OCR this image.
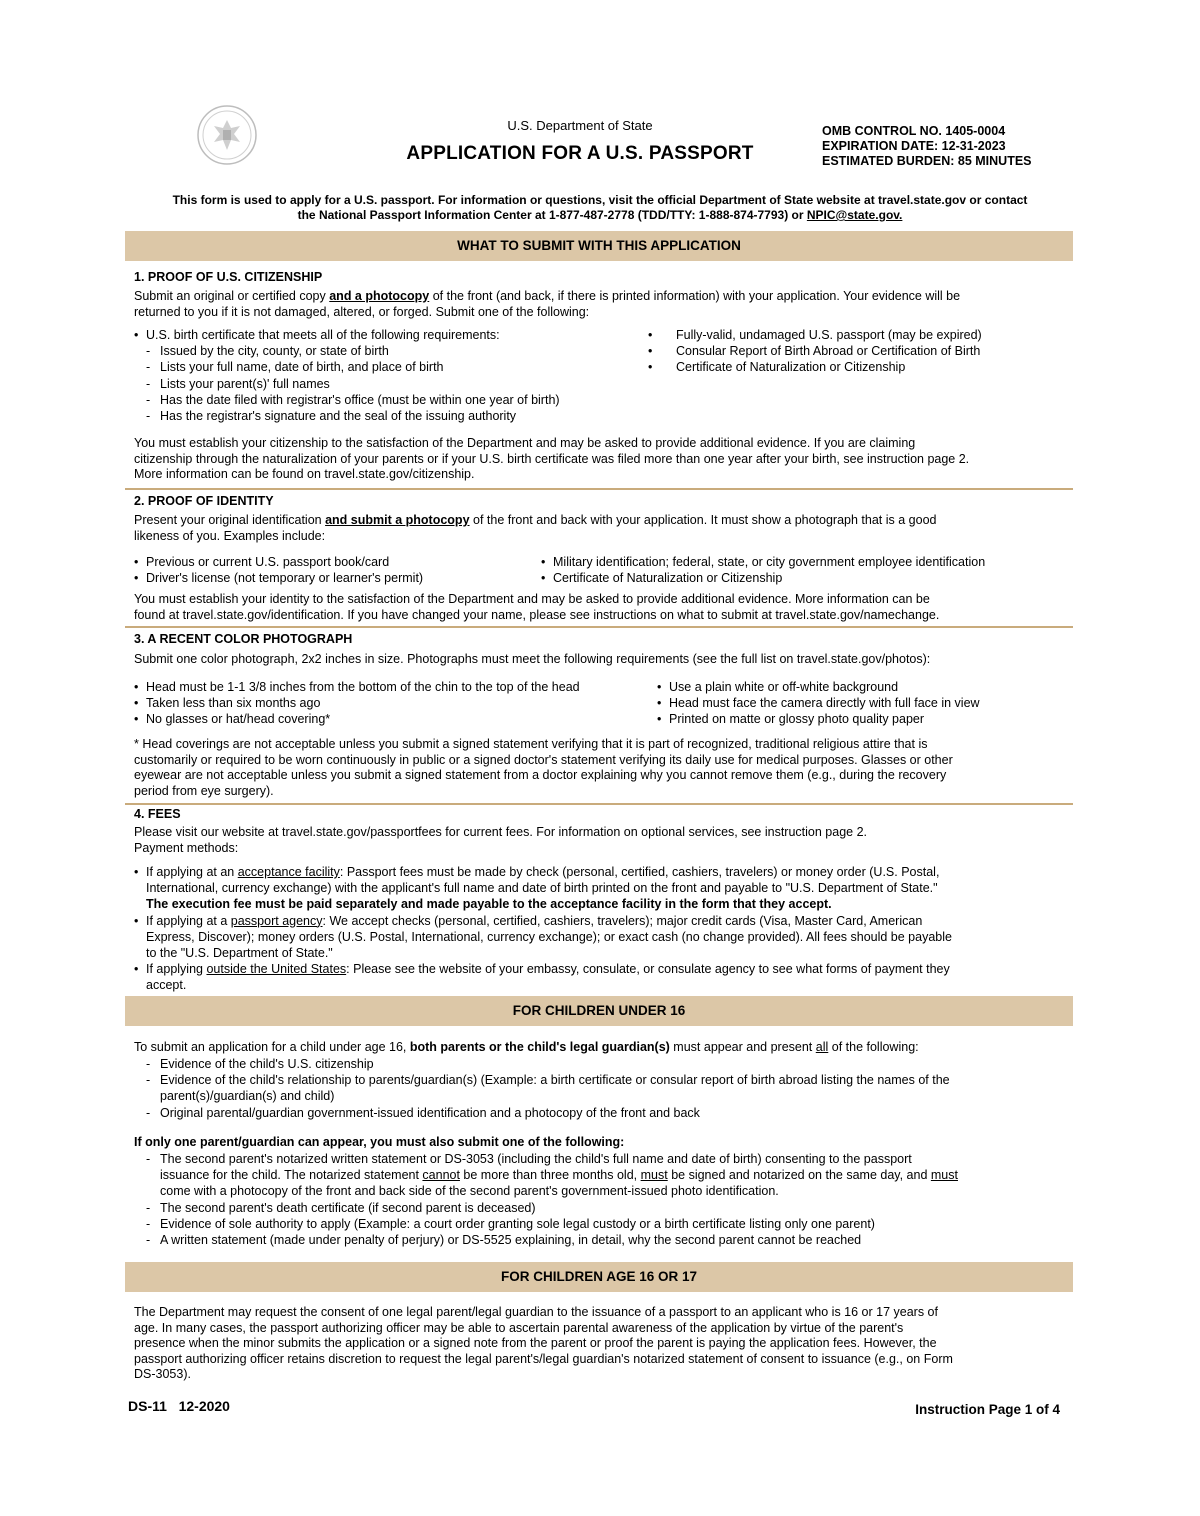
U.S. Department of State
APPLICATION FOR A U.S. PASSPORT
OMB CONTROL NO. 1405-0004
EXPIRATION DATE: 12-31-2023
ESTIMATED BURDEN: 85 MINUTES
This form is used to apply for a U.S. passport. For information or questions, visit the official Department of State website at travel.state.gov or contact
the National Passport Information Center at 1-877-487-2778 (TDD/TTY: 1-888-874-7793) or NPIC@state.gov.
WHAT TO SUBMIT WITH THIS APPLICATION
1. PROOF OF U.S. CITIZENSHIP
Submit an original or certified copy and a photocopy of the front (and back, if there is printed information) with your application. Your evidence will be
returned to you if it is not damaged, altered, or forged. Submit one of the following:
• U.S. birth certificate that meets all of the following requirements:
- Issued by the city, county, or state of birth
- Lists your full name, date of birth, and place of birth
- Lists your parent(s)' full names
- Has the date filed with registrar's office (must be within one year of birth)
- Has the registrar's signature and the seal of the issuing authority
• Fully-valid, undamaged U.S. passport (may be expired)
• Consular Report of Birth Abroad or Certification of Birth
• Certificate of Naturalization or Citizenship
You must establish your citizenship to the satisfaction of the Department and may be asked to provide additional evidence. If you are claiming
citizenship through the naturalization of your parents or if your U.S. birth certificate was filed more than one year after your birth, see instruction page 2.
More information can be found on travel.state.gov/citizenship.
2. PROOF OF IDENTITY
Present your original identification and submit a photocopy of the front and back with your application. It must show a photograph that is a good
likeness of you. Examples include:
• Previous or current U.S. passport book/card
• Driver's license (not temporary or learner's permit)
• Military identification; federal, state, or city government employee identification
• Certificate of Naturalization or Citizenship
You must establish your identity to the satisfaction of the Department and may be asked to provide additional evidence. More information can be
found at travel.state.gov/identification. If you have changed your name, please see instructions on what to submit at travel.state.gov/namechange.
3. A RECENT COLOR PHOTOGRAPH
Submit one color photograph, 2x2 inches in size. Photographs must meet the following requirements (see the full list on travel.state.gov/photos):
• Head must be 1-1 3/8 inches from the bottom of the chin to the top of the head
• Taken less than six months ago
• No glasses or hat/head covering*
• Use a plain white or off-white background
• Head must face the camera directly with full face in view
• Printed on matte or glossy photo quality paper
* Head coverings are not acceptable unless you submit a signed statement verifying that it is part of recognized, traditional religious attire that is
customarily or required to be worn continuously in public or a signed doctor's statement verifying its daily use for medical purposes. Glasses or other
eyewear are not acceptable unless you submit a signed statement from a doctor explaining why you cannot remove them (e.g., during the recovery
period from eye surgery).
4. FEES
Please visit our website at travel.state.gov/passportfees for current fees. For information on optional services, see instruction page 2.
Payment methods:
• If applying at an acceptance facility: Passport fees must be made by check (personal, certified, cashiers, travelers) or money order (U.S. Postal,
International, currency exchange) with the applicant's full name and date of birth printed on the front and payable to "U.S. Department of State."
The execution fee must be paid separately and made payable to the acceptance facility in the form that they accept.
• If applying at a passport agency: We accept checks (personal, certified, cashiers, travelers); major credit cards (Visa, Master Card, American
Express, Discover); money orders (U.S. Postal, International, currency exchange); or exact cash (no change provided). All fees should be payable
to the "U.S. Department of State."
• If applying outside the United States: Please see the website of your embassy, consulate, or consulate agency to see what forms of payment they
accept.
FOR CHILDREN UNDER 16
To submit an application for a child under age 16, both parents or the child's legal guardian(s) must appear and present all of the following:
- Evidence of the child's U.S. citizenship
- Evidence of the child's relationship to parents/guardian(s) (Example: a birth certificate or consular report of birth abroad listing the names of the
parent(s)/guardian(s) and child)
- Original parental/guardian government-issued identification and a photocopy of the front and back
If only one parent/guardian can appear, you must also submit one of the following:
- The second parent's notarized written statement or DS-3053 (including the child's full name and date of birth) consenting to the passport
issuance for the child. The notarized statement cannot be more than three months old, must be signed and notarized on the same day, and must
come with a photocopy of the front and back side of the second parent's government-issued photo identification.
- The second parent's death certificate (if second parent is deceased)
- Evidence of sole authority to apply (Example: a court order granting sole legal custody or a birth certificate listing only one parent)
- A written statement (made under penalty of perjury) or DS-5525 explaining, in detail, why the second parent cannot be reached
FOR CHILDREN AGE 16 OR 17
The Department may request the consent of one legal parent/legal guardian to the issuance of a passport to an applicant who is 16 or 17 years of
age. In many cases, the passport authorizing officer may be able to ascertain parental awareness of the application by virtue of the parent's
presence when the minor submits the application or a signed note from the parent or proof the parent is paying the application fees. However, the
passport authorizing officer retains discretion to request the legal parent's/legal guardian's notarized statement of consent to issuance (e.g., on Form
DS-3053).
DS-11   12-2020	Instruction Page 1 of 4
